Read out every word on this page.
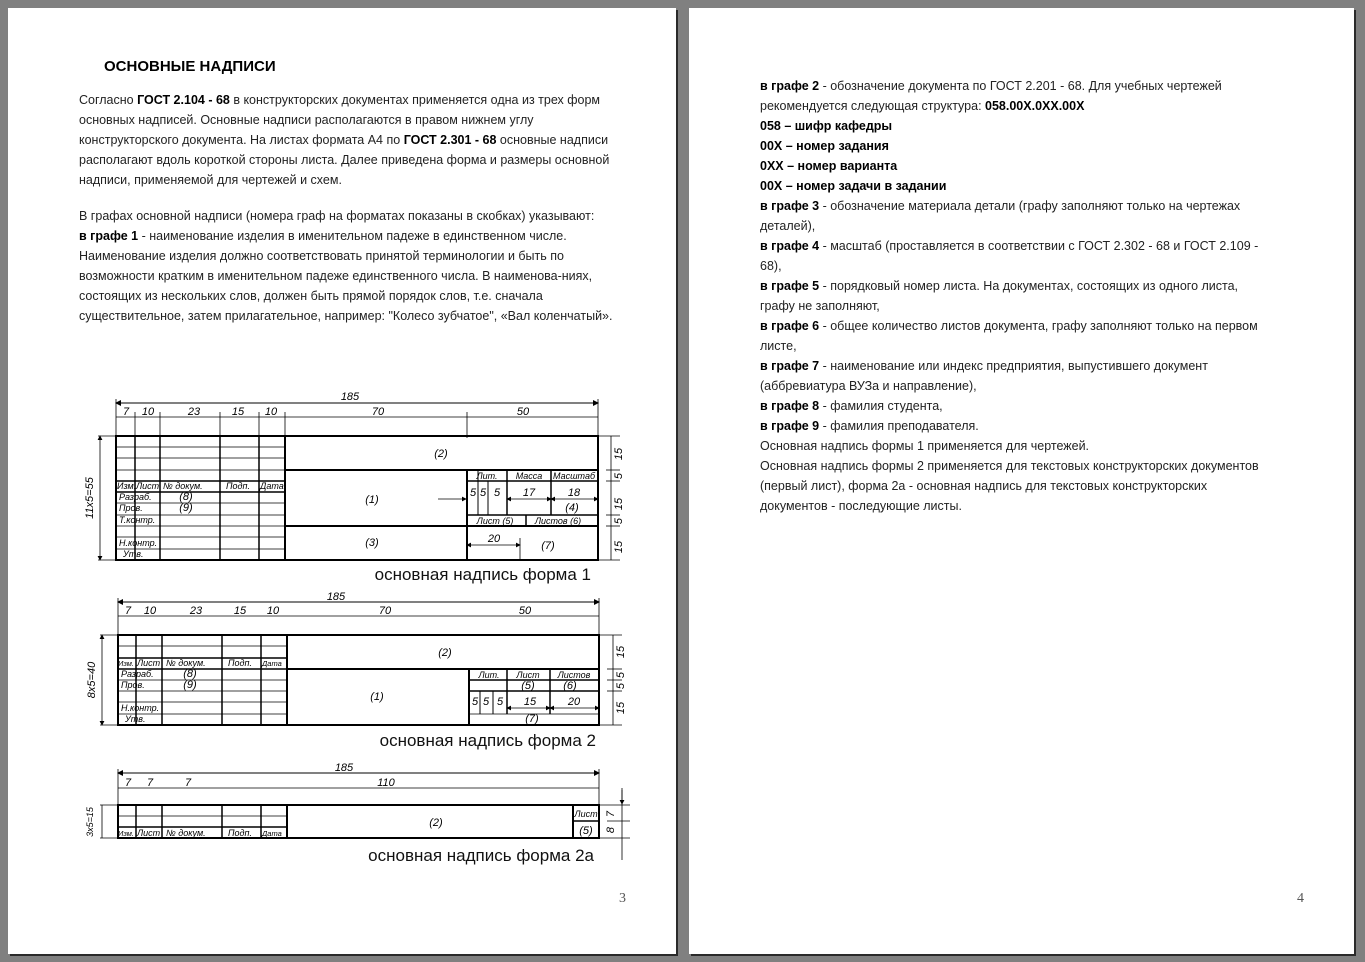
ОСНОВНЫЕ НАДПИСИ
Согласно ГОСТ 2.104 - 68 в конструкторских документах применяется одна из трех форм основных надписей. Основные надписи располагаются в правом нижнем углу конструкторского документа. На листах формата А4 по ГОСТ 2.301 - 68 основные надписи располагают вдоль короткой стороны листа. Далее приведена форма и размеры основной надписи, применяемой для чертежей и схем.
В графах основной надписи (номера граф на форматах показаны в скобках) указывают:
в графе 1 - наименование изделия в именительном падеже в единственном числе. Наименование изделия должно соответствовать принятой терминологии и быть по возможности кратким в именительном падеже единственного числа. В наименова-ниях, состоящих из нескольких слов, должен быть прямой порядок слов, т.е. сначала существительное, затем прилагательное, например: "Колесо зубчатое", «Вал коленчатый».
185
7 10	23	15 10	70	50
11x5=55
15
15
5
15
5
Изм. Лист № докум.	Подп. Дата
Разраб.
Пров.
Т.контр.
Н.контр.
Утв.
(8)
(9)
(2)
(1)
(3)
Лит. Масса Масштаб
5 5 5 17	18
(4)
Лист (5) Листов (6)
20
(7)
основная надпись форма 1
185
7 10	23	15 10	70	50
8x5=40
15
5
5
15
Изм. Лист № докум. Подп. Дата
Разраб.
Пров.
Н.контр.
Утв.
(8)
(9)
(2)
(1)
Лит. Лист Листов
(5)	(6)
5 5 5 15	20
(7)
основная надпись форма 2
185
7 7	7	110
3x5=15	7
8
Изм. Лист № докум. Подп. Дата
(2)
Лист
(5)
основная надпись форма 2а
3
в графе 2 - обозначение документа по ГОСТ 2.201 - 68. Для учебных чертежей
рекомендуется следующая структура: 058.00Х.0ХХ.00Х
058 – шифр кафедры
00Х – номер задания
0ХХ – номер варианта
00Х – номер задачи в задании
в графе 3 - обозначение материала детали (графу заполняют только на чертежах
деталей),
в графе 4 - масштаб (проставляется в соответствии с ГОСТ 2.302 - 68 и ГОСТ 2.109 -
68),
в графе 5 - порядковый номер листа. На документах, состоящих из одного листа,
графу не заполняют,
в графе 6 - общее количество листов документа, графу заполняют только на первом
листе,
в графе 7 - наименование или индекс предприятия, выпустившего документ
(аббревиатура ВУЗа и направление),
в графе 8 - фамилия студента,
в графе 9 - фамилия преподавателя.
Основная надпись формы 1 применяется для чертежей.
Основная надпись формы 2 применяется для текстовых конструкторских документов
(первый лист), форма 2а - основная надпись для текстовых конструкторских
документов - последующие листы.
4
